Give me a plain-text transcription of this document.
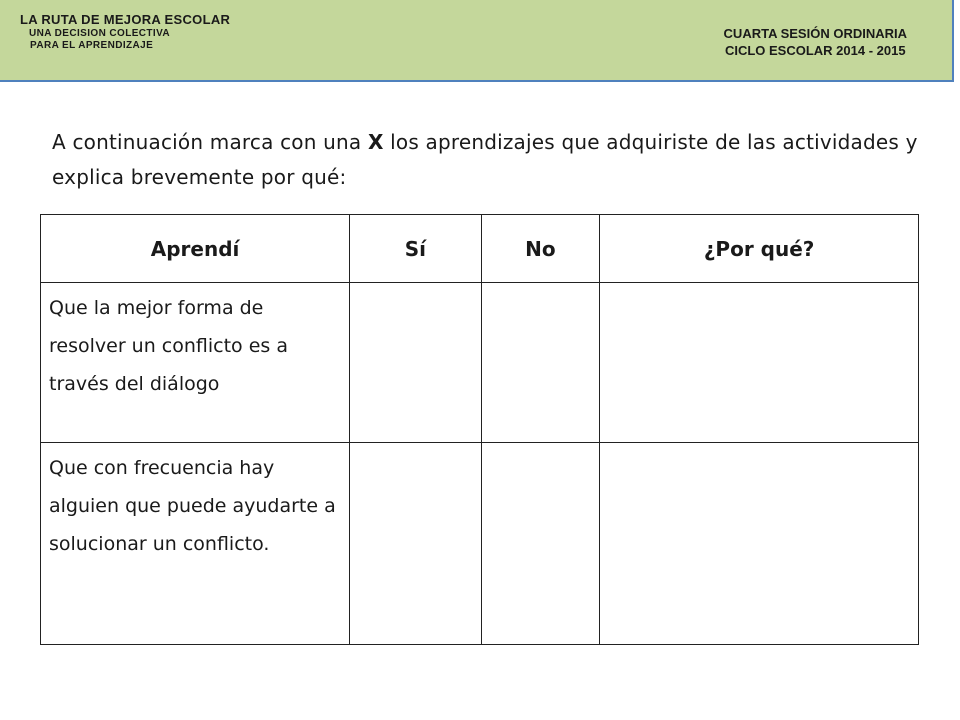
LA RUTA DE MEJORA ESCOLAR
UNA DECISION COLECTIVA
PARA EL APRENDIZAJE
CUARTA SESIÓN ORDINARIA
CICLO ESCOLAR 2014 - 2015

A continuación marca con una X los aprendizajes que adquiriste de las actividades y explica brevemente por qué:

Aprendí	Sí	No	¿Por qué?
Que la mejor forma de resolver un conflicto es a través del diálogo			
Que con frecuencia hay alguien que puede ayudarte a solucionar un conflicto.			
